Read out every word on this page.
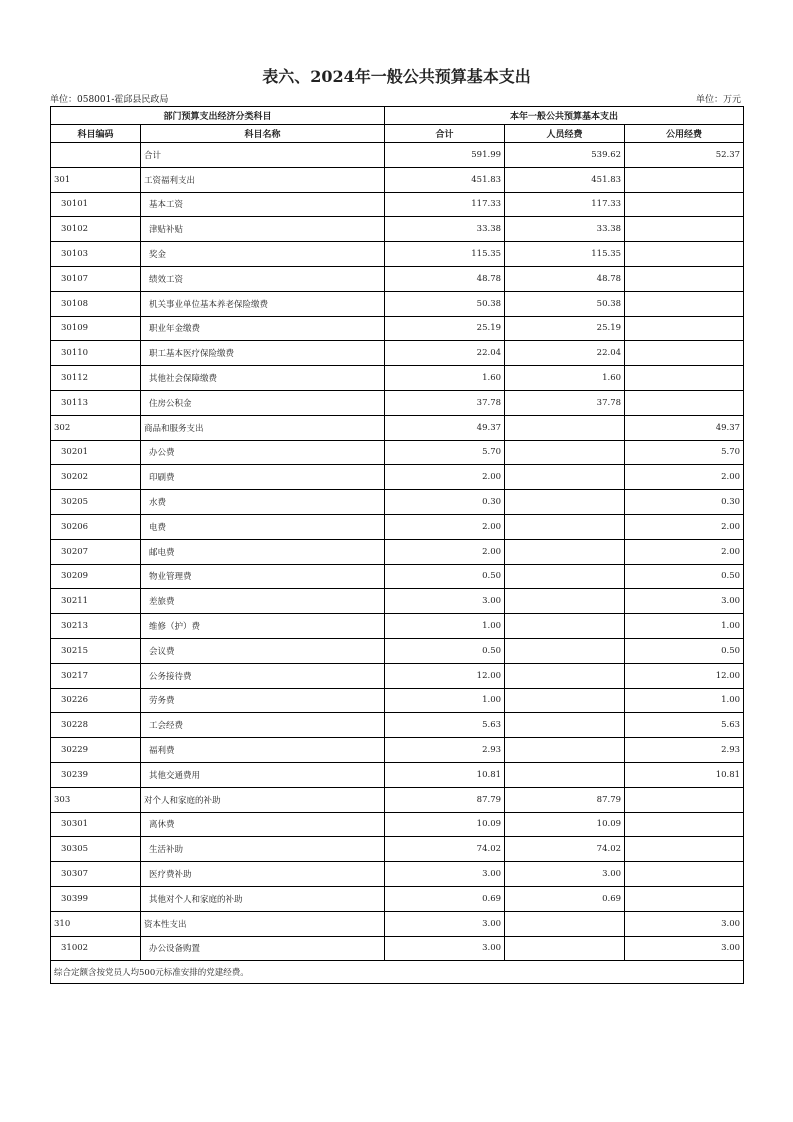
表六、2024年一般公共预算基本支出
单位：058001-霍邱县民政局	单位：万元
部门预算支出经济分类科目		本年一般公共预算基本支出		
科目编码	科目名称	合计	人员经费	公用经费
	合计	591.99	539.62	52.37
301	工资福利支出	451.83	451.83	
30101	基本工资	117.33	117.33	
30102	津贴补贴	33.38	33.38	
30103	奖金	115.35	115.35	
30107	绩效工资	48.78	48.78	
30108	机关事业单位基本养老保险缴费	50.38	50.38	
30109	职业年金缴费	25.19	25.19	
30110	职工基本医疗保险缴费	22.04	22.04	
30112	其他社会保障缴费	1.60	1.60	
30113	住房公积金	37.78	37.78	
302	商品和服务支出	49.37		49.37
30201	办公费	5.70		5.70
30202	印刷费	2.00		2.00
30205	水费	0.30		0.30
30206	电费	2.00		2.00
30207	邮电费	2.00		2.00
30209	物业管理费	0.50		0.50
30211	差旅费	3.00		3.00
30213	维修（护）费	1.00		1.00
30215	会议费	0.50		0.50
30217	公务接待费	12.00		12.00
30226	劳务费	1.00		1.00
30228	工会经费	5.63		5.63
30229	福利费	2.93		2.93
30239	其他交通费用	10.81		10.81
303	对个人和家庭的补助	87.79	87.79	
30301	离休费	10.09	10.09	
30305	生活补助	74.02	74.02	
30307	医疗费补助	3.00	3.00	
30399	其他对个人和家庭的补助	0.69	0.69	
310	资本性支出	3.00		3.00
31002	办公设备购置	3.00		3.00
综合定额含按党员人均500元标准安排的党建经费。				
